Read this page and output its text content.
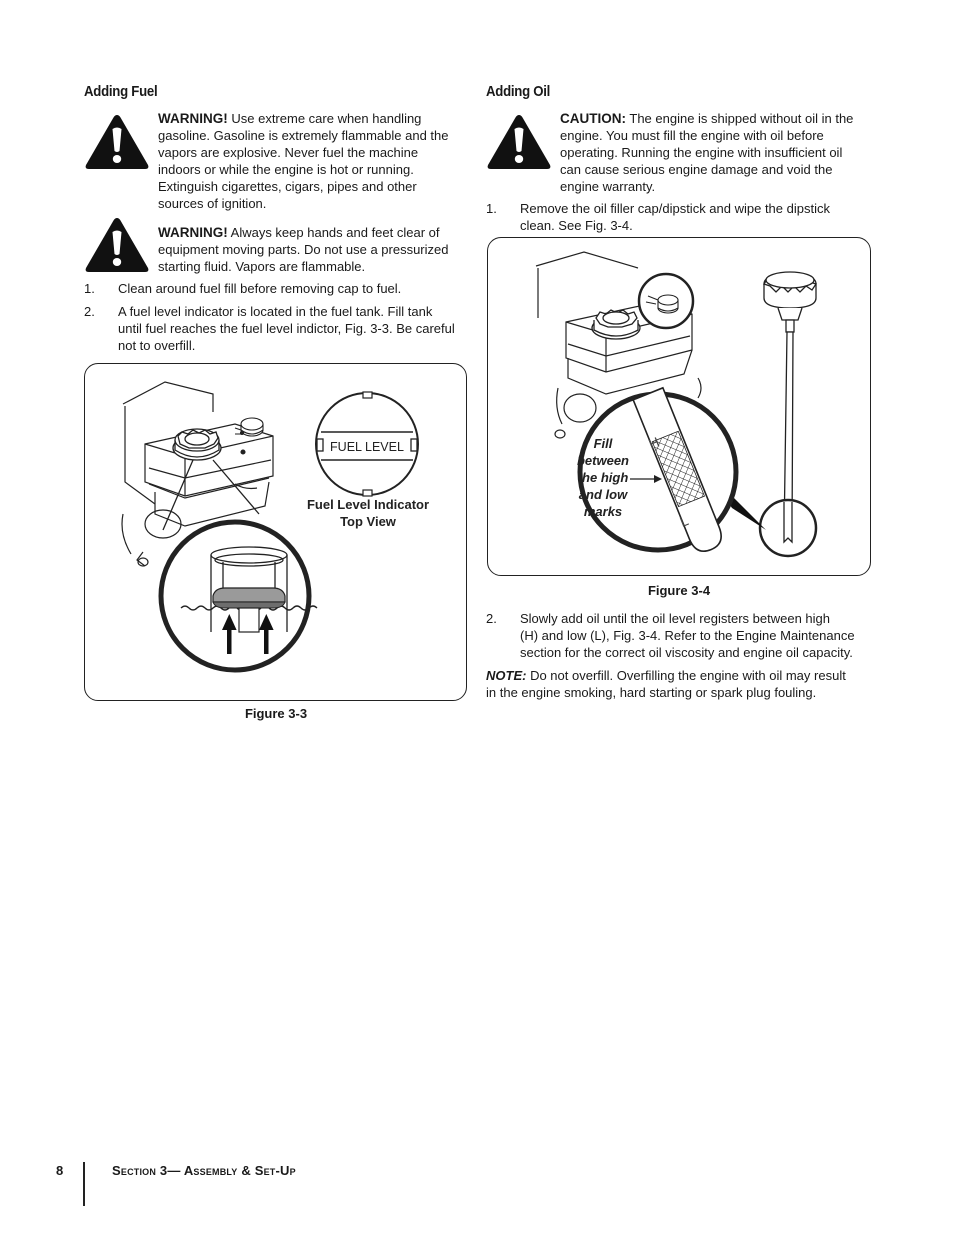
Adding Fuel
WARNING! Use extreme care when handling
gasoline. Gasoline is extremely flammable and the
vapors are explosive. Never fuel the machine
indoors or while the engine is hot or running.
Extinguish cigarettes, cigars, pipes and other
sources of ignition.
WARNING! Always keep hands and feet clear of
equipment moving parts. Do not use a pressurized
starting fluid. Vapors are flammable.
1. Clean around fuel fill before removing cap to fuel.
2. A fuel level indicator is located in the fuel tank. Fill tank
until fuel reaches the fuel level indictor, Fig. 3-3. Be careful
not to overfill.
FUEL LEVEL
Fuel Level Indicator
Top View
Figure 3-3
Adding Oil
CAUTION: The engine is shipped without oil in the
engine. You must fill the engine with oil before
operating. Running the engine with insufficient oil
can cause serious engine damage and void the
engine warranty.
1. Remove the oil filler cap/dipstick and wipe the dipstick
clean. See Fig. 3-4.
H
L
Fill
between
the high
and low
marks
Figure 3-4
2. Slowly add oil until the oil level registers between high
(H) and low (L), Fig. 3-4. Refer to the Engine Maintenance
section for the correct oil viscosity and engine oil capacity.
NOTE: Do not overfill. Overfilling the engine with oil may result
in the engine smoking, hard starting or spark plug fouling.
8	Section 3— Assembly & Set-Up
